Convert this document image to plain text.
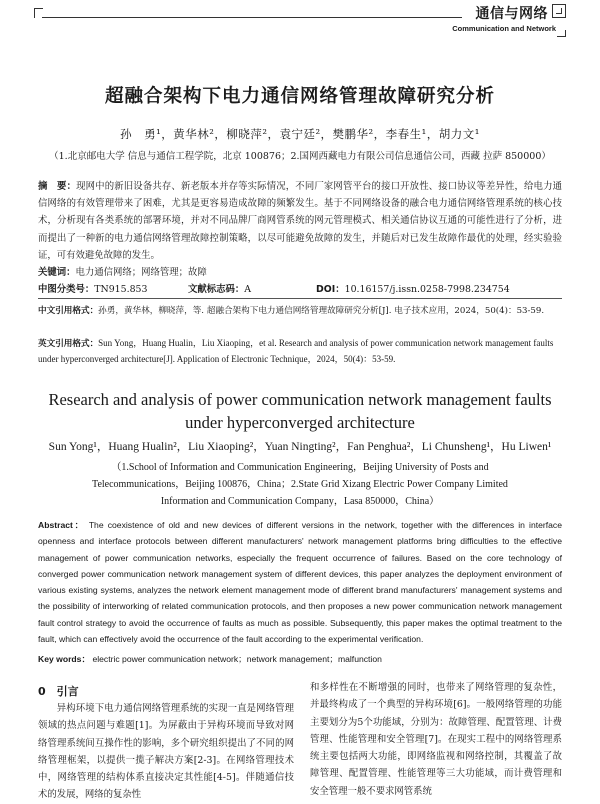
通信与网络
Communication and Network
超融合架构下电力通信网络管理故障研究分析
孙　勇¹，黄华林²，柳晓萍²，袁宁廷²，樊鹏华²，李春生¹，胡力文¹
（1.北京邮电大学 信息与通信工程学院，北京 100876；2.国网西藏电力有限公司信息通信公司，西藏 拉萨 850000）
摘　要：现网中的新旧设备共存、新老版本并存等实际情况，不同厂家网管平台的接口开放性、接口协议等差异性，给电力通信网络的有效管理带来了困难，尤其是更容易造成故障的频繁发生。基于不同网络设备的融合电力通信网络管理系统的核心技术，分析现有各类系统的部署环境，并对不同品牌厂商网管系统的网元管理模式、相关通信协议互通的可能性进行了分析，进而提出了一种新的电力通信网络管理故障控制策略，以尽可能避免故障的发生，并随后对已发生故障作最优的处理，经实验验证，可有效避免故障的发生。
关键词：电力通信网络；网络管理；故障
中图分类号：TN915.853	文献标志码：A	DOI：10.16157/j.issn.0258-7998.234754
中文引用格式：孙勇，黄华林，柳晓萍，等. 超融合架构下电力通信网络管理故障研究分析[J]. 电子技术应用，2024，50(4)：53-59.
英文引用格式：Sun Yong，Huang Hualin，Liu Xiaoping，et al. Research and analysis of power communication network management faults under hyperconverged architecture[J]. Application of Electronic Technique，2024，50(4)：53-59.
Research and analysis of power communication network management faults
under hyperconverged architecture
Sun Yong¹，Huang Hualin²，Liu Xiaoping²，Yuan Ningting²，Fan Penghua²，Li Chunsheng¹，Hu Liwen¹
（1.School of Information and Communication Engineering，Beijing University of Posts and
Telecommunications，Beijing 100876，China；2.State Grid Xizang Electric Power Company Limited
Information and Communication Company，Lasa 850000，China）
Abstract： The coexistence of old and new devices of different versions in the network, together with the differences in interface openness and interface protocols between different manufacturers' network management platforms bring difficulties to the effective management of power communication networks, especially the frequent occurrence of failures. Based on the core technology of converged power communication network management system of different devices, this paper analyzes the deployment environment of various existing systems, analyzes the network element management mode of different brand manufacturers' management systems and the possibility of interworking of related communication protocols, and then proposes a new power communication network management fault control strategy to avoid the occurrence of faults as much as possible. Subsequently, this paper makes the optimal treatment to the fault, which can effectively avoid the occurrence of the fault according to the experimental verification.
Key words： electric power communication network；network management；malfunction
0　引言
异构环境下电力通信网络管理系统的实现一直是网络管理领域的热点问题与难题[1]。为屏蔽由于异构环境而导致对网络管理系统间互操作性的影响，多个研究组织提出了不同的网络管理框架，以提供一揽子解决方案[2-3]。在网络管理技术中，网络管理的结构体系直接决定其性能[4-5]。伴随通信技术的发展，网络的复杂性
和多样性在不断增强的同时，也带来了网络管理的复杂性，并最终构成了一个典型的异构环境[6]。一般网络管理的功能主要划分为5个功能域，分别为：故障管理、配置管理、计费管理、性能管理和安全管理[7]。在现实工程中的网络管理系统主要包括两大功能，即网络监视和网络控制，其覆盖了故障管理、配置管理、性能管理等三大功能域，而计费管理和安全管理一般不要求网管系统
